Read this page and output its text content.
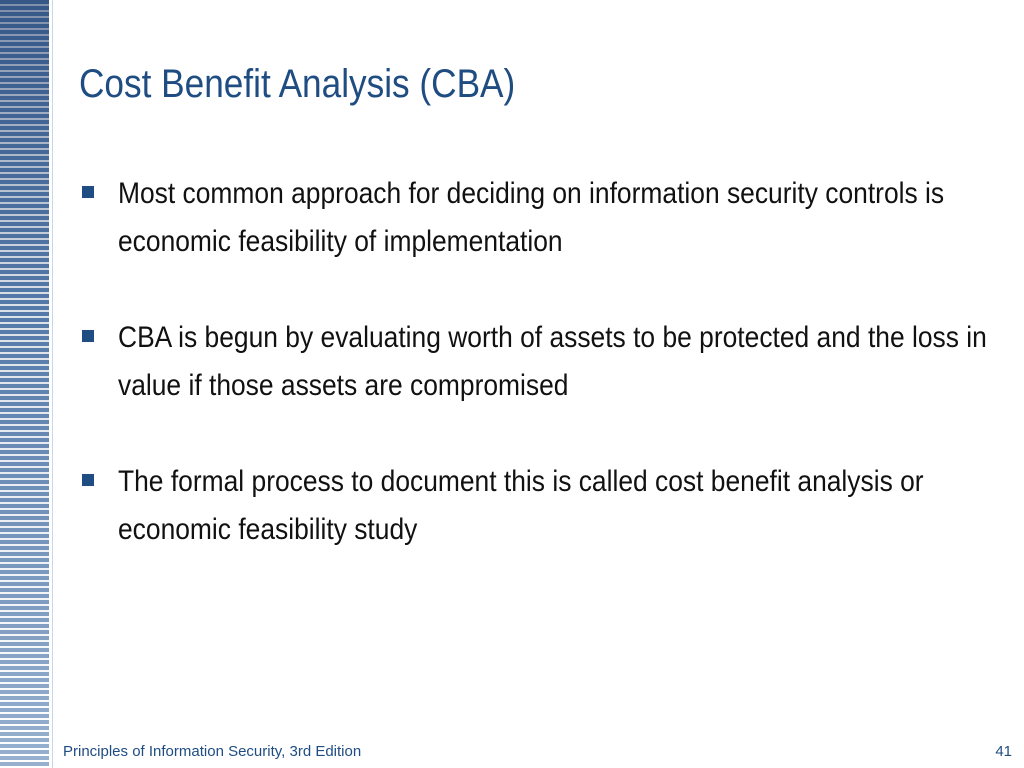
Cost Benefit Analysis (CBA)
Most common approach for deciding on information security controls is economic feasibility of implementation
CBA is begun by evaluating worth of assets to be protected and the loss in value if those assets are compromised
The formal process to document this is called cost benefit analysis or economic feasibility study
Principles of Information Security, 3rd Edition	41
